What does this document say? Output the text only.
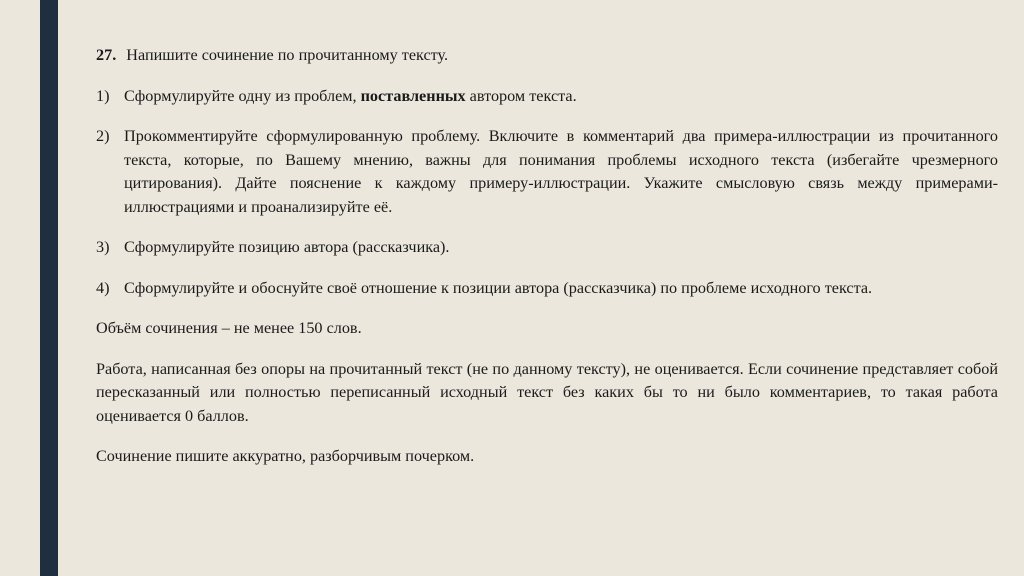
27. Напишите сочинение по прочитанному тексту.

1) Сформулируйте одну из проблем, поставленных автором текста.
2) Прокомментируйте сформулированную проблему. Включите в комментарий два примера-иллюстрации из прочитанного текста, которые, по Вашему мнению, важны для понимания проблемы исходного текста (избегайте чрезмерного цитирования). Дайте пояснение к каждому примеру-иллюстрации. Укажите смысловую связь между примерами-иллюстрациями и проанализируйте её.
3) Сформулируйте позицию автора (рассказчика).
4) Сформулируйте и обоснуйте своё отношение к позиции автора (рассказчика) по проблеме исходного текста.

Объём сочинения – не менее 150 слов.

Работа, написанная без опоры на прочитанный текст (не по данному тексту), не оценивается. Если сочинение представляет собой пересказанный или полностью переписанный исходный текст без каких бы то ни было комментариев, то такая работа оценивается 0 баллов.

Сочинение пишите аккуратно, разборчивым почерком.
